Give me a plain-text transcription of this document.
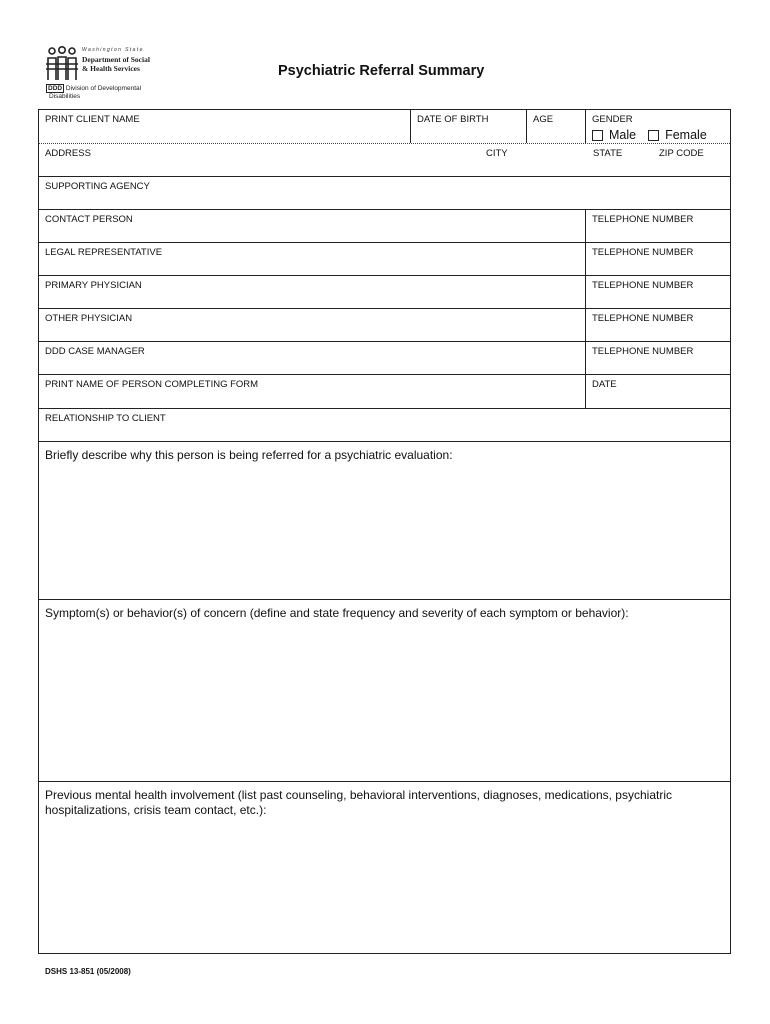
Washington State
Department of Social
& Health Services
DDD Division of Developmental
Disabilities
Psychiatric Referral Summary
PRINT CLIENT NAME	DATE OF BIRTH	AGE	GENDER
Male Female
ADDRESS	CITY	STATE	ZIP CODE
SUPPORTING AGENCY
CONTACT PERSON	TELEPHONE NUMBER
LEGAL REPRESENTATIVE	TELEPHONE NUMBER
PRIMARY PHYSICIAN	TELEPHONE NUMBER
OTHER PHYSICIAN	TELEPHONE NUMBER
DDD CASE MANAGER	TELEPHONE NUMBER
PRINT NAME OF PERSON COMPLETING FORM	DATE
RELATIONSHIP TO CLIENT
Briefly describe why this person is being referred for a psychiatric evaluation:
Symptom(s) or behavior(s) of concern (define and state frequency and severity of each symptom or behavior):
Previous mental health involvement (list past counseling, behavioral interventions, diagnoses, medications, psychiatric hospitalizations, crisis team contact, etc.):
DSHS 13-851 (05/2008)
